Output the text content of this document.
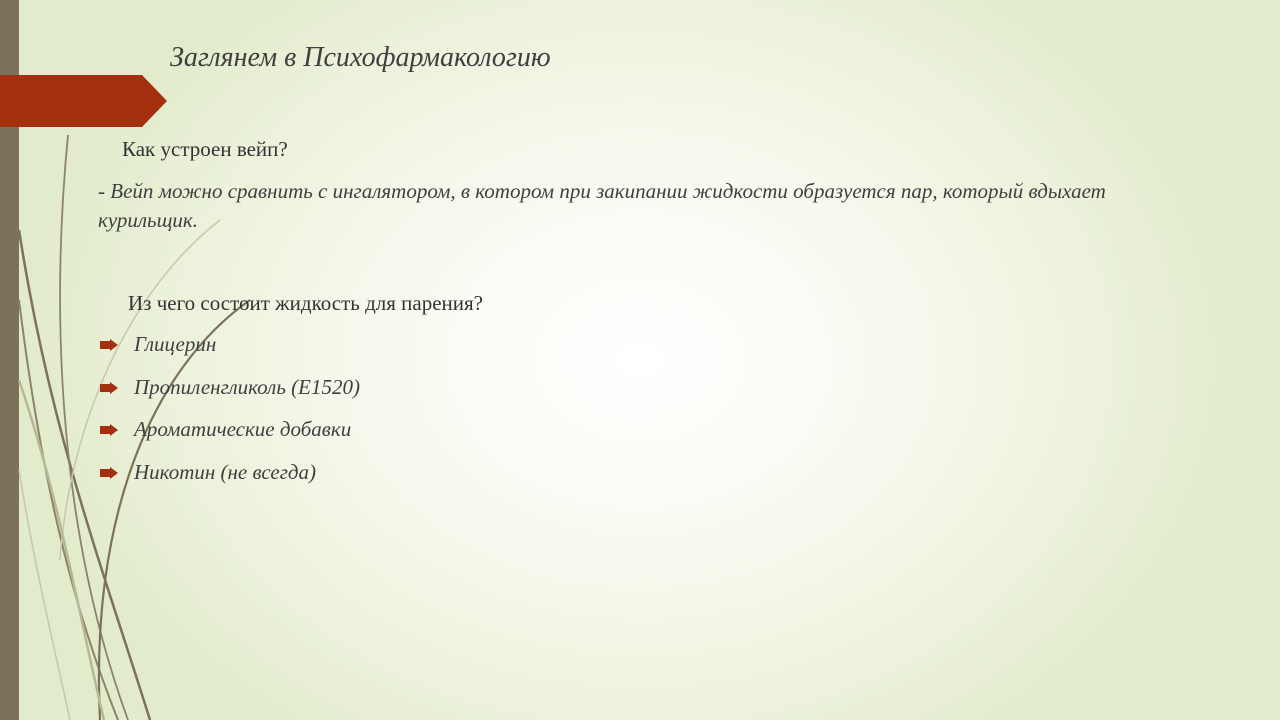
Заглянем в Психофармакологию
Как устроен вейп?
- Вейп можно сравнить с ингалятором, в котором при закипании жидкости образуется пар, который вдыхает курильщик.
Из чего состоит жидкость для парения?
Глицерин
Пропиленгликоль (Е1520)
Ароматические добавки
Никотин (не всегда)
